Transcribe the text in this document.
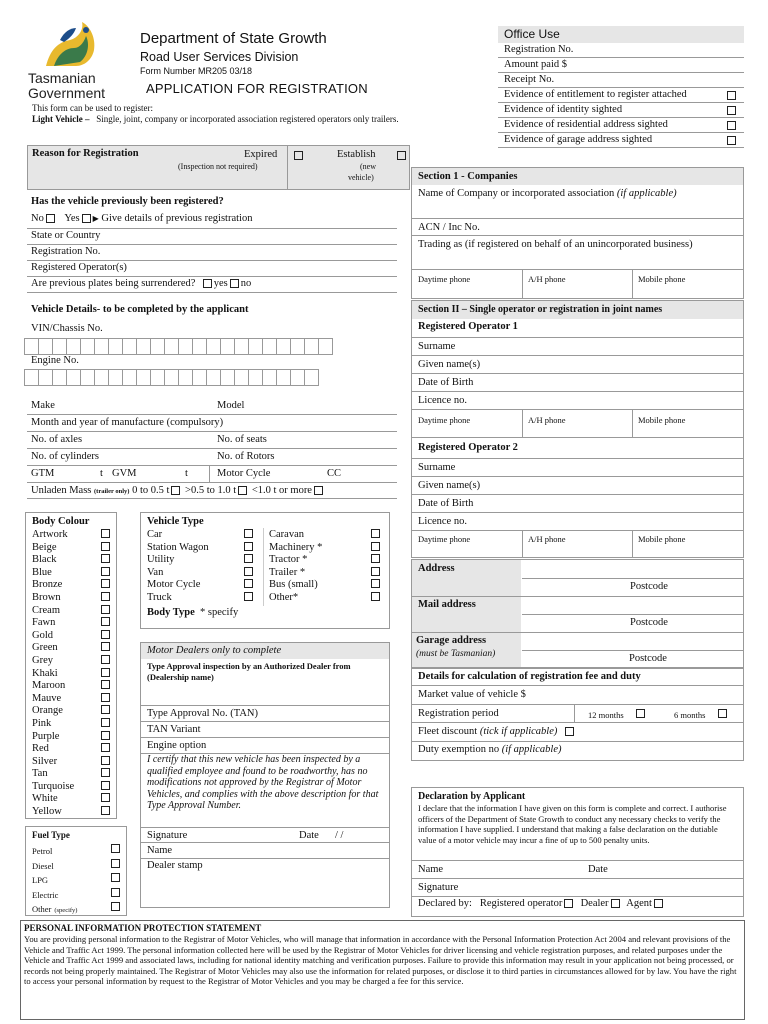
Tasmanian
Government
Department of State Growth
Road User Services Division
Form Number MR205 03/18
APPLICATION FOR REGISTRATION
This form can be used to register:
Light Vehicle – Single, joint, company or incorporated association registered operators only trailers.
Office Use
Registration No.
Amount paid $
Receipt No.
Evidence of entitlement to register attached
Evidence of identity sighted
Evidence of residential address sighted
Evidence of garage address sighted
Reason for Registration	Expired
(Inspection not required)
Establish
(new
vehicle)
Has the vehicle previously been registered?
No Yes ▶ Give details of previous registration
State or Country
Registration No.
Registered Operator(s)
Are previous plates being surrendered? yes no
Vehicle Details- to be completed by the applicant
VIN/Chassis No.
Engine No.
Make	Model
Month and year of manufacture (compulsory)
No. of axles	No. of seats
No. of cylinders	No. of Rotors
GTM	t GVM	t	Motor Cycle	CC
Unladen Mass (trailer only) 0 to 0.5 t >0.5 to 1.0 t <1.0 t or more
Body Colour
Artwork
Beige
Black
Blue
Bronze
Brown
Cream
Fawn
Gold
Green
Grey
Khaki
Maroon
Mauve
Orange
Pink
Purple
Red
Silver
Tan
Turquoise
White
Yellow
Vehicle Type
Car
Station Wagon
Utility
Van
Motor Cycle
Truck
Caravan
Machinery *
Tractor *
Trailer *
Bus (small)
Other*
Body Type * specify
Fuel Type
Petrol
Diesel
LPG
Electric
Other (specify)
Motor Dealers only to complete
Type Approval inspection by an Authorized Dealer from (Dealership name)
Type Approval No. (TAN)
TAN Variant
Engine option
I certify that this new vehicle has been inspected by a qualified employee and found to be roadworthy, has no modifications not approved by the Registrar of Motor Vehicles, and complies with the above description for that Type Approval Number.
Signature	Date / /
Name
Dealer stamp
Section 1 - Companies
Name of Company or incorporated association (if applicable)
ACN / Inc No.
Trading as (if registered on behalf of an unincorporated business)
Daytime phone	A/H phone	Mobile phone
Section II – Single operator or registration in joint names
Registered Operator 1
Surname
Given name(s)
Date of Birth
Licence no.
Daytime phone	A/H phone	Mobile phone
Registered Operator 2
Surname
Given name(s)
Date of Birth
Licence no.
Daytime phone	A/H phone	Mobile phone
Address
Postcode
Mail address
Postcode
Garage address
(must be Tasmanian)	Postcode
Details for calculation of registration fee and duty
Market value of vehicle $
Registration period	12 months	6 months
Fleet discount (tick if applicable)
Duty exemption no (if applicable)
Declaration by Applicant
I declare that the information I have given on this form is complete and correct. I authorise officers of the Department of State Growth to conduct any necessary checks to verify the information I have supplied. I understand that making a false declaration on the dutiable value of a motor vehicle may incur a fine of up to 500 penalty units.
Name	Date
Signature
Declared by: Registered operator Dealer Agent
PERSONAL INFORMATION PROTECTION STATEMENT
You are providing personal information to the Registrar of Motor Vehicles, who will manage that information in accordance with the Personal Information Protection Act 2004 and relevant provisions of the Vehicle and Traffic Act 1999. The personal information collected here will be used by the Registrar of Motor Vehicles for driver licensing and vehicle registration purposes, and related purposes under the Vehicle and Traffic Act 1999 and associated laws, including for national identity matching and verification purposes. Failure to provide this information may result in your application not being processed, or records not being properly maintained. The Registrar of Motor Vehicles may also use the information for related purposes, or disclose it to third parties in circumstances allowed for by law. You have the right to access your personal information by request to the Registrar of Motor Vehicles and you may be charged a fee for this service.
